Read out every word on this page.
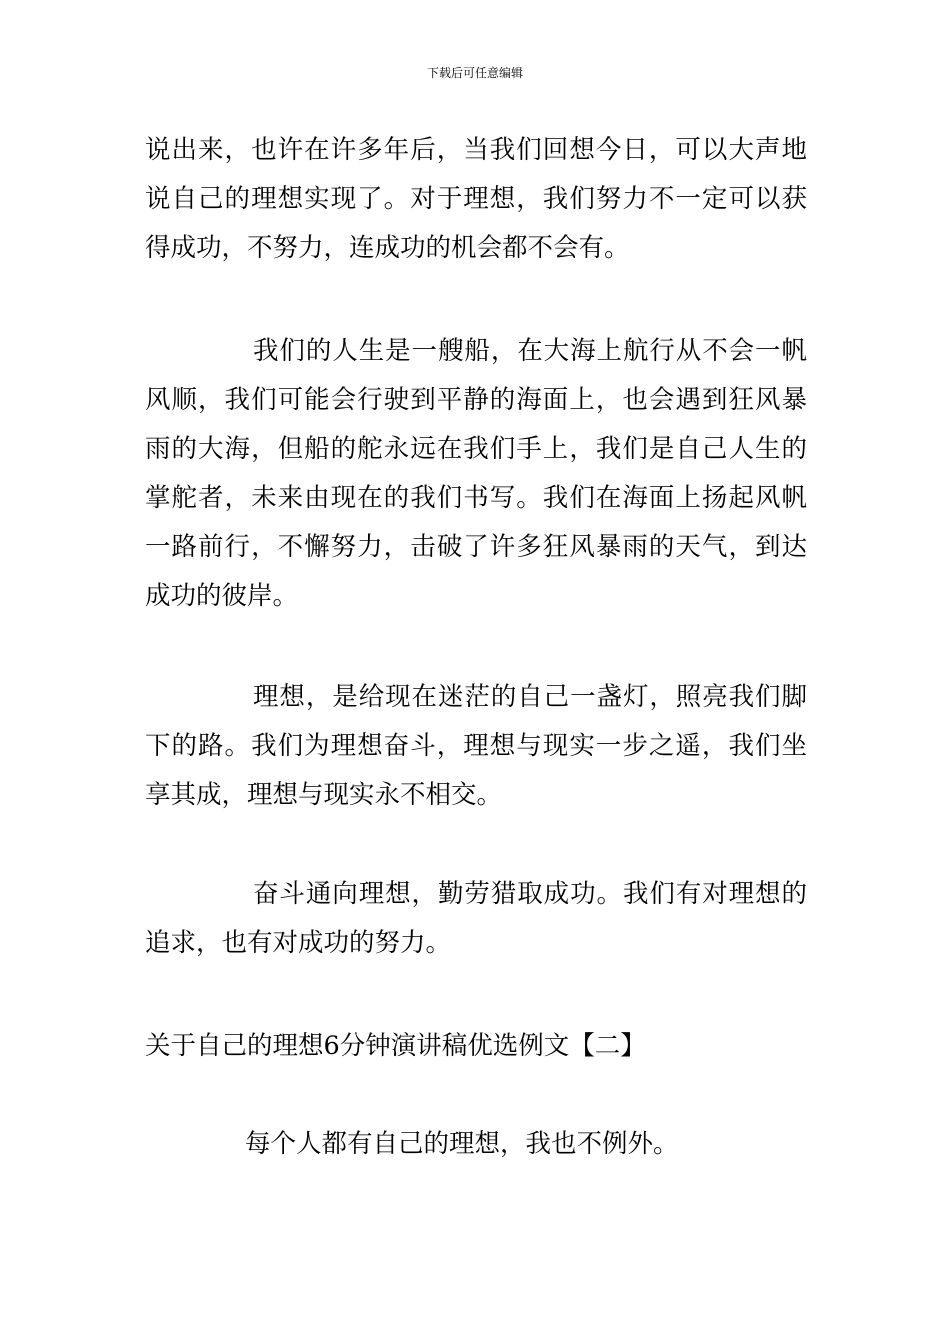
下载后可任意编辑
说出来，也许在许多年后，当我们回想今日，可以大声地说自己的理想实现了。对于理想，我们努力不一定可以获得成功，不努力，连成功的机会都不会有。
我们的人生是一艘船，在大海上航行从不会一帆风顺，我们可能会行驶到平静的海面上，也会遇到狂风暴雨的大海，但船的舵永远在我们手上，我们是自己人生的掌舵者，未来由现在的我们书写。我们在海面上扬起风帆一路前行，不懈努力，击破了许多狂风暴雨的天气，到达成功的彼岸。
理想，是给现在迷茫的自己一盏灯，照亮我们脚下的路。我们为理想奋斗，理想与现实一步之遥，我们坐享其成，理想与现实永不相交。
奋斗通向理想，勤劳猎取成功。我们有对理想的追求，也有对成功的努力。
关于自己的理想6分钟演讲稿优选例文【二】
每个人都有自己的理想，我也不例外。
